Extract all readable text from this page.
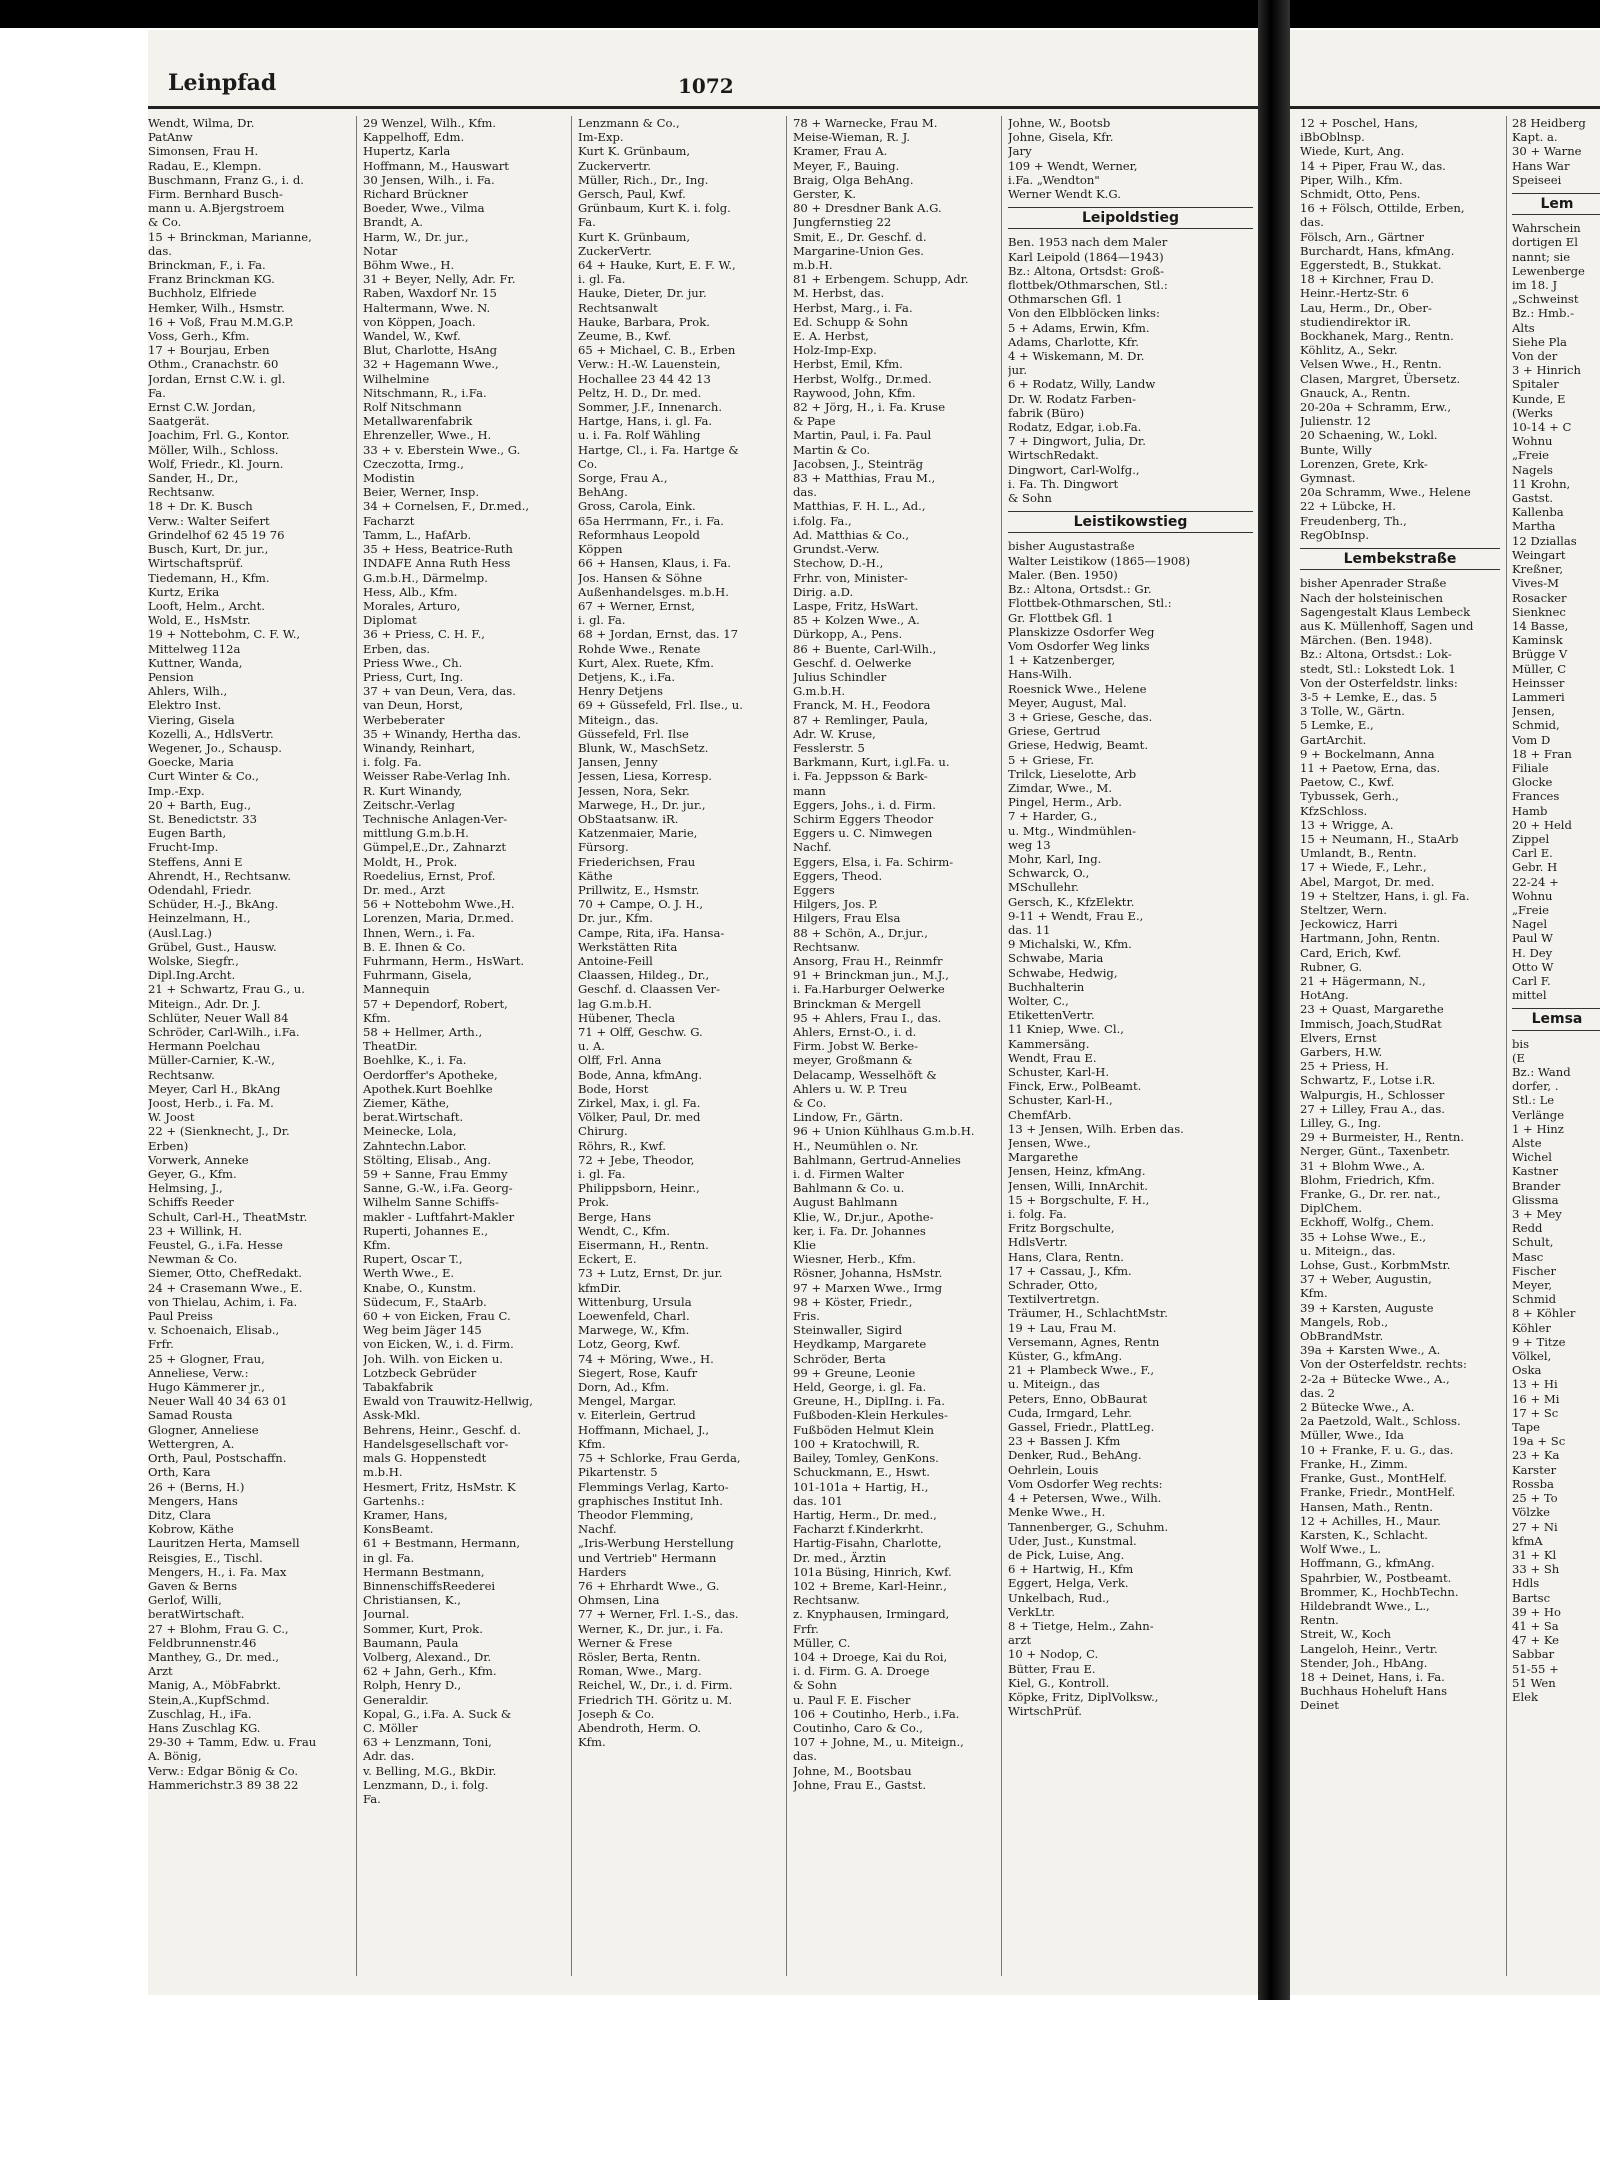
Leinpfad	1072
Wendt, Wilma, Dr.
PatAnw
Simonsen, Frau H.
Radau, E., Klempn.
Buschmann, Franz G., i. d.
Firm. Bernhard Busch-
mann u. A.Bjergstroem
& Co.
15 + Brinckman, Marianne,
das.
Brinckman, F., i. Fa.
Franz Brinckman KG.
Buchholz, Elfriede
Hemker, Wilh., Hsmstr.
16 + Voß, Frau M.M.G.P.
Voss, Gerh., Kfm.
17 + Bourjau, Erben
Othm., Cranachstr. 60
Jordan, Ernst C.W. i. gl.
Fa.
Ernst C.W. Jordan,
Saatgerät.
Joachim, Frl. G., Kontor.
Möller, Wilh., Schloss.
Wolf, Friedr., Kl. Journ.
Sander, H., Dr.,
Rechtsanw.
18 + Dr. K. Busch
Verw.: Walter Seifert
Grindelhof 62 45 19 76
Busch, Kurt, Dr. jur.,
Wirtschaftsprüf.
Tiedemann, H., Kfm.
Kurtz, Erika
Looft, Helm., Archt.
Wold, E., HsMstr.
19 + Nottebohm, C. F. W.,
Mittelweg 112a
Kuttner, Wanda,
Pension
Ahlers, Wilh.,
Elektro Inst.
Viering, Gisela
Kozelli, A., HdlsVertr.
Wegener, Jo., Schausp.
Goecke, Maria
Curt Winter & Co.,
Imp.-Exp.
20 + Barth, Eug.,
St. Benedictstr. 33
Eugen Barth,
Frucht-Imp.
Steffens, Anni E
Ahrendt, H., Rechtsanw.
Odendahl, Friedr.
Schüder, H.-J., BkAng.
Heinzelmann, H.,
(Ausl.Lag.)
Grübel, Gust., Hausw.
Wolske, Siegfr.,
Dipl.Ing.Archt.
21 + Schwartz, Frau G., u.
Miteign., Adr. Dr. J.
Schlüter, Neuer Wall 84
Schröder, Carl-Wilh., i.Fa.
Hermann Poelchau
Müller-Carnier, K.-W.,
Rechtsanw.
Meyer, Carl H., BkAng
Joost, Herb., i. Fa. M.
W. Joost
22 + (Sienknecht, J., Dr.
Erben)
Vorwerk, Anneke
Geyer, G., Kfm.
Helmsing, J.,
Schiffs Reeder
Schult, Carl-H., TheatMstr.
23 + Willink, H.
Feustel, G., i.Fa. Hesse
Newman & Co.
Siemer, Otto, ChefRedakt.
24 + Crasemann Wwe., E.
von Thielau, Achim, i. Fa.
Paul Preiss
v. Schoenaich, Elisab.,
Frfr.
25 + Glogner, Frau,
Anneliese, Verw.:
Hugo Kämmerer jr.,
Neuer Wall 40 34 63 01
Samad Rousta
Glogner, Anneliese
Wettergren, A.
Orth, Paul, Postschaffn.
Orth, Kara
26 + (Berns, H.)
Mengers, Hans
Ditz, Clara
Kobrow, Käthe
Lauritzen Herta, Mamsell
Reisgies, E., Tischl.
Mengers, H., i. Fa. Max
Gaven & Berns
Gerlof, Willi,
beratWirtschaft.
27 + Blohm, Frau G. C.,
Feldbrunnenstr.46
Manthey, G., Dr. med.,
Arzt
Manig, A., MöbFabrkt.
Stein,A.,KupfSchmd.
Zuschlag, H., iFa.
Hans Zuschlag KG.
29-30 + Tamm, Edw. u. Frau
A. Bönig,
Verw.: Edgar Bönig & Co.
Hammerichstr.3 89 38 22
29 Wenzel, Wilh., Kfm.
Kappelhoff, Edm.
Hupertz, Karla
Hoffmann, M., Hauswart
30 Jensen, Wilh., i. Fa.
Richard Brückner
Boeder, Wwe., Vilma
Brandt, A.
Harm, W., Dr. jur.,
Notar
Böhm Wwe., H.
31 + Beyer, Nelly, Adr. Fr.
Raben, Waxdorf Nr. 15
Haltermann, Wwe. N.
von Köppen, Joach.
Wandel, W., Kwf.
Blut, Charlotte, HsAng
32 + Hagemann Wwe.,
Wilhelmine
Nitschmann, R., i.Fa.
Rolf Nitschmann
Metallwarenfabrik
Ehrenzeller, Wwe., H.
33 + v. Eberstein Wwe., G.
Czeczotta, Irmg.,
Modistin
Beier, Werner, Insp.
34 + Cornelsen, F., Dr.med.,
Facharzt
Tamm, L., HafArb.
35 + Hess, Beatrice-Ruth
INDAFE Anna Ruth Hess
G.m.b.H., Därmelmp.
Hess, Alb., Kfm.
Morales, Arturo,
Diplomat
36 + Priess, C. H. F.,
Erben, das.
Priess Wwe., Ch.
Priess, Curt, Ing.
37 + van Deun, Vera, das.
van Deun, Horst,
Werbeberater
35 + Winandy, Hertha das.
Winandy, Reinhart,
i. folg. Fa.
Weisser Rabe-Verlag Inh.
R. Kurt Winandy,
Zeitschr.-Verlag
Technische Anlagen-Ver-
mittlung G.m.b.H.
Gümpel,E.,Dr., Zahnarzt
Moldt, H., Prok.
Roedelius, Ernst, Prof.
Dr. med., Arzt
56 + Nottebohm Wwe.,H.
Lorenzen, Maria, Dr.med.
Ihnen, Wern., i. Fa.
B. E. Ihnen & Co.
Fuhrmann, Herm., HsWart.
Fuhrmann, Gisela,
Mannequin
57 + Dependorf, Robert,
Kfm.
58 + Hellmer, Arth.,
TheatDir.
Boehlke, K., i. Fa.
Oerdorffer's Apotheke,
Apothek.Kurt Boehlke
Ziemer, Käthe,
berat.Wirtschaft.
Meinecke, Lola,
Zahntechn.Labor.
Stölting, Elisab., Ang.
59 + Sanne, Frau Emmy
Sanne, G.-W., i.Fa. Georg-
Wilhelm Sanne Schiffs-
makler - Luftfahrt-Makler
Ruperti, Johannes E.,
Kfm.
Rupert, Oscar T.,
Werth Wwe., E.
Knabe, O., Kunstm.
Südecum, F., StaArb.
60 + von Eicken, Frau C.
Weg beim Jäger 145
von Eicken, W., i. d. Firm.
Joh. Wilh. von Eicken u.
Lotzbeck Gebrüder
Tabakfabrik
Ewald von Trauwitz-Hellwig,
Assk-Mkl.
Behrens, Heinr., Geschf. d.
Handelsgesellschaft vor-
mals G. Hoppenstedt
m.b.H.
Hesmert, Fritz, HsMstr. K
Gartenhs.:
Kramer, Hans,
KonsBeamt.
61 + Bestmann, Hermann,
in gl. Fa.
Hermann Bestmann,
BinnenschiffsReederei
Christiansen, K.,
Journal.
Sommer, Kurt, Prok.
Baumann, Paula
Volberg, Alexand., Dr.
62 + Jahn, Gerh., Kfm.
Rolph, Henry D.,
Generaldir.
Kopal, G., i.Fa. A. Suck &
C. Möller
63 + Lenzmann, Toni,
Adr. das.
v. Belling, M.G., BkDir.
Lenzmann, D., i. folg.
Fa.
Lenzmann & Co.,
Im-Exp.
Kurt K. Grünbaum,
Zuckervertr.
Müller, Rich., Dr., Ing.
Gersch, Paul, Kwf.
Grünbaum, Kurt K. i. folg.
Fa.
Kurt K. Grünbaum,
ZuckerVertr.
64 + Hauke, Kurt, E. F. W.,
i. gl. Fa.
Hauke, Dieter, Dr. jur.
Rechtsanwalt
Hauke, Barbara, Prok.
Zeume, B., Kwf.
65 + Michael, C. B., Erben
Verw.: H.-W. Lauenstein,
Hochallee 23 44 42 13
Peltz, H. D., Dr. med.
Sommer, J.F., Innenarch.
Hartge, Hans, i. gl. Fa.
u. i. Fa. Rolf Wähling
Hartge, Cl., i. Fa. Hartge &
Co.
Sorge, Frau A.,
BehAng.
Gross, Carola, Eink.
65a Herrmann, Fr., i. Fa.
Reformhaus Leopold
Köppen
66 + Hansen, Klaus, i. Fa.
Jos. Hansen & Söhne
Außenhandelsges. m.b.H.
67 + Werner, Ernst,
i. gl. Fa.
68 + Jordan, Ernst, das. 17
Rohde Wwe., Renate
Kurt, Alex. Ruete, Kfm.
Detjens, K., i.Fa.
Henry Detjens
69 + Güssefeld, Frl. Ilse., u.
Miteign., das.
Güssefeld, Frl. Ilse
Blunk, W., MaschSetz.
Jansen, Jenny
Jessen, Liesa, Korresp.
Jessen, Nora, Sekr.
Marwege, H., Dr. jur.,
ObStaatsanw. iR.
Katzenmaier, Marie,
Fürsorg.
Friederichsen, Frau
Käthe
Prillwitz, E., Hsmstr.
70 + Campe, O. J. H.,
Dr. jur., Kfm.
Campe, Rita, iFa. Hansa-
Werkstätten Rita
Antoine-Feill
Claassen, Hildeg., Dr.,
Geschf. d. Claassen Ver-
lag G.m.b.H.
Hübener, Thecla
71 + Olff, Geschw. G.
u. A.
Olff, Frl. Anna
Bode, Anna, kfmAng.
Bode, Horst
Zirkel, Max, i. gl. Fa.
Völker, Paul, Dr. med
Chirurg.
Röhrs, R., Kwf.
72 + Jebe, Theodor,
i. gl. Fa.
Philippsborn, Heinr.,
Prok.
Berge, Hans
Wendt, C., Kfm.
Eisermann, H., Rentn.
Eckert, E.
73 + Lutz, Ernst, Dr. jur.
kfmDir.
Wittenburg, Ursula
Loewenfeld, Charl.
Marwege, W., Kfm.
Lotz, Georg, Kwf.
74 + Möring, Wwe., H.
Siegert, Rose, Kaufr
Dorn, Ad., Kfm.
Mengel, Margar.
v. Eiterlein, Gertrud
Hoffmann, Michael, J.,
Kfm.
75 + Schlorke, Frau Gerda,
Pikartenstr. 5
Flemmings Verlag, Karto-
graphisches Institut Inh.
Theodor Flemming,
Nachf.
„Iris-Werbung Herstellung
und Vertrieb" Hermann
Harders
76 + Ehrhardt Wwe., G.
Ohmsen, Lina
77 + Werner, Frl. I.-S., das.
Werner, K., Dr. jur., i. Fa.
Werner & Frese
Rösler, Berta, Rentn.
Roman, Wwe., Marg.
Reichel, W., Dr., i. d. Firm.
Friedrich TH. Göritz u. M.
Joseph & Co.
Abendroth, Herm. O.
Kfm.
78 + Warnecke, Frau M.
Meise-Wieman, R. J.
Kramer, Frau A.
Meyer, F., Bauing.
Braig, Olga BehAng.
Gerster, K.
80 + Dresdner Bank A.G.
Jungfernstieg 22
Smit, E., Dr. Geschf. d.
Margarine-Union Ges.
m.b.H.
81 + Erbengem. Schupp, Adr.
M. Herbst, das.
Herbst, Marg., i. Fa.
Ed. Schupp & Sohn
E. A. Herbst,
Holz-Imp-Exp.
Herbst, Emil, Kfm.
Herbst, Wolfg., Dr.med.
Raywood, John, Kfm.
82 + Jörg, H., i. Fa. Kruse
& Pape
Martin, Paul, i. Fa. Paul
Martin & Co.
Jacobsen, J., Steinträg
83 + Matthias, Frau M.,
das.
Matthias, F. H. L., Ad.,
i.folg. Fa.,
Ad. Matthias & Co.,
Grundst.-Verw.
Stechow, D.-H.,
Frhr. von, Minister-
Dirig. a.D.
Laspe, Fritz, HsWart.
85 + Kolzen Wwe., A.
Dürkopp, A., Pens.
86 + Buente, Carl-Wilh.,
Geschf. d. Oelwerke
Julius Schindler
G.m.b.H.
Franck, M. H., Feodora
87 + Remlinger, Paula,
Adr. W. Kruse,
Fesslerstr. 5
Barkmann, Kurt, i.gl.Fa. u.
i. Fa. Jeppsson & Bark-
mann
Eggers, Johs., i. d. Firm.
Schirm Eggers Theodor
Eggers u. C. Nimwegen
Nachf.
Eggers, Elsa, i. Fa. Schirm-
Eggers, Theod.
Eggers
Hilgers, Jos. P.
Hilgers, Frau Elsa
88 + Schön, A., Dr.jur.,
Rechtsanw.
Ansorg, Frau H., Reinmfr
91 + Brinckman jun., M.J.,
i. Fa.Harburger Oelwerke
Brinckman & Mergell
95 + Ahlers, Frau I., das.
Ahlers, Ernst-O., i. d.
Firm. Jobst W. Berke-
meyer, Großmann &
Delacamp, Wesselhöft &
Ahlers u. W. P. Treu
& Co.
Lindow, Fr., Gärtn.
96 + Union Kühlhaus G.m.b.H.
H., Neumühlen o. Nr.
Bahlmann, Gertrud-Annelies
i. d. Firmen Walter
Bahlmann & Co. u.
August Bahlmann
Klie, W., Dr.jur., Apothe-
ker, i. Fa. Dr. Johannes
Klie
Wiesner, Herb., Kfm.
Rösner, Johanna, HsMstr.
97 + Marxen Wwe., Irmg
98 + Köster, Friedr.,
Fris.
Steinwaller, Sigird
Heydkamp, Margarete
Schröder, Berta
99 + Greune, Leonie
Held, George, i. gl. Fa.
Greune, H., DiplIng. i. Fa.
Fußboden-Klein Herkules-
Fußböden Helmut Klein
100 + Kratochwill, R.
Bailey, Tomley, GenKons.
Schuckmann, E., Hswt.
101-101a + Hartig, H.,
das. 101
Hartig, Herm., Dr. med.,
Facharzt f.Kinderkrht.
Hartig-Fisahn, Charlotte,
Dr. med., Ärztin
101a Büsing, Hinrich, Kwf.
102 + Breme, Karl-Heinr.,
Rechtsanw.
z. Knyphausen, Irmingard,
Frfr.
Müller, C.
104 + Droege, Kai du Roi,
i. d. Firm. G. A. Droege
& Sohn
u. Paul F. E. Fischer
106 + Coutinho, Herb., i.Fa.
Coutinho, Caro & Co.,
107 + Johne, M., u. Miteign.,
das.
Johne, M., Bootsbau
Johne, Frau E., Gastst.
Johne, W., Bootsb
Johne, Gisela, Kfr.
Jary
109 + Wendt, Werner,
i.Fa. „Wendton"
Werner Wendt K.G.
Leipoldstieg
Ben. 1953 nach dem Maler
Karl Leipold (1864—1943)
Bz.: Altona, Ortsdst: Groß-
flottbek/Othmarschen, Stl.:
Othmarschen Gfl. 1
Von den Elbblöcken links:
5 + Adams, Erwin, Kfm.
Adams, Charlotte, Kfr.
4 + Wiskemann, M. Dr.
jur.
6 + Rodatz, Willy, Landw
Dr. W. Rodatz Farben-
fabrik (Büro)
Rodatz, Edgar, i.ob.Fa.
7 + Dingwort, Julia, Dr.
WirtschRedakt.
Dingwort, Carl-Wolfg.,
i. Fa. Th. Dingwort
& Sohn
Leistikowstieg
bisher Augustastraße
Walter Leistikow (1865—1908)
Maler. (Ben. 1950)
Bz.: Altona, Ortsdst.: Gr.
Flottbek-Othmarschen, Stl.:
Gr. Flottbek Gfl. 1
Planskizze Osdorfer Weg
Vom Osdorfer Weg links
1 + Katzenberger,
Hans-Wilh.
Roesnick Wwe., Helene
Meyer, August, Mal.
3 + Griese, Gesche, das.
Griese, Gertrud
Griese, Hedwig, Beamt.
5 + Griese, Fr.
Trilck, Lieselotte, Arb
Zimdar, Wwe., M.
Pingel, Herm., Arb.
7 + Harder, G.,
u. Mtg., Windmühlen-
weg 13
Mohr, Karl, Ing.
Schwarck, O.,
MSchullehr.
Gersch, K., KfzElektr.
9-11 + Wendt, Frau E.,
das. 11
9 Michalski, W., Kfm.
Schwabe, Maria
Schwabe, Hedwig,
Buchhalterin
Wolter, C.,
EtikettenVertr.
11 Kniep, Wwe. Cl.,
Kammersäng.
Wendt, Frau E.
Schuster, Karl-H.
Finck, Erw., PolBeamt.
Schuster, Karl-H.,
ChemfArb.
13 + Jensen, Wilh. Erben das.
Jensen, Wwe.,
Margarethe
Jensen, Heinz, kfmAng.
Jensen, Willi, InnArchit.
15 + Borgschulte, F. H.,
i. folg. Fa.
Fritz Borgschulte,
HdlsVertr.
Hans, Clara, Rentn.
17 + Cassau, J., Kfm.
Schrader, Otto,
Textilvertretgn.
Träumer, H., SchlachtMstr.
19 + Lau, Frau M.
Versemann, Agnes, Rentn
Küster, G., kfmAng.
21 + Plambeck Wwe., F.,
u. Miteign., das
Peters, Enno, ObBaurat
Cuda, Irmgard, Lehr.
Gassel, Friedr., PlattLeg.
23 + Bassen J. Kfm
Denker, Rud., BehAng.
Oehrlein, Louis
Vom Osdorfer Weg rechts:
4 + Petersen, Wwe., Wilh.
Menke Wwe., H.
Tannenberger, G., Schuhm.
Uder, Just., Kunstmal.
de Pick, Luise, Ang.
6 + Hartwig, H., Kfm
Eggert, Helga, Verk.
Unkelbach, Rud.,
VerkLtr.
8 + Tietge, Helm., Zahn-
arzt
10 + Nodop, C.
Bütter, Frau E.
Kiel, G., Kontroll.
Köpke, Fritz, DiplVolksw.,
WirtschPrüf.
12 + Poschel, Hans,
iBbOblnsp.
Wiede, Kurt, Ang.
14 + Piper, Frau W., das.
Piper, Wilh., Kfm.
Schmidt, Otto, Pens.
16 + Fölsch, Ottilde, Erben,
das.
Fölsch, Arn., Gärtner
Burchardt, Hans, kfmAng.
Eggerstedt, B., Stukkat.
18 + Kirchner, Frau D.
Heinr.-Hertz-Str. 6
Lau, Herm., Dr., Ober-
studiendirektor iR.
Bockhanek, Marg., Rentn.
Köhlitz, A., Sekr.
Velsen Wwe., H., Rentn.
Clasen, Margret, Übersetz.
Gnauck, A., Rentn.
20-20a + Schramm, Erw.,
Julienstr. 12
20 Schaening, W., Lokl.
Bunte, Willy
Lorenzen, Grete, Krk-
Gymnast.
20a Schramm, Wwe., Helene
22 + Lübcke, H.
Freudenberg, Th.,
RegObInsp.
Lembekstraße
bisher Apenrader Straße
Nach der holsteinischen
Sagengestalt Klaus Lembeck
aus K. Müllenhoff, Sagen und
Märchen. (Ben. 1948).
Bz.: Altona, Ortsdst.: Lok-
stedt, Stl.: Lokstedt Lok. 1
Von der Osterfeldstr. links:
3-5 + Lemke, E., das. 5
3 Tolle, W., Gärtn.
5 Lemke, E.,
GartArchit.
9 + Bockelmann, Anna
11 + Paetow, Erna, das.
Paetow, C., Kwf.
Tybussek, Gerh.,
KfzSchloss.
13 + Wrigge, A.
15 + Neumann, H., StaArb
Umlandt, B., Rentn.
17 + Wiede, F., Lehr.,
Abel, Margot, Dr. med.
19 + Steltzer, Hans, i. gl. Fa.
Steltzer, Wern.
Jeckowicz, Harri
Hartmann, John, Rentn.
Card, Erich, Kwf.
Rubner, G.
21 + Hägermann, N.,
HotAng.
23 + Quast, Margarethe
Immisch, Joach,StudRat
Elvers, Ernst
Garbers, H.W.
25 + Priess, H.
Schwartz, F., Lotse i.R.
Walpurgis, H., Schlosser
27 + Lilley, Frau A., das.
Lilley, G., Ing.
29 + Burmeister, H., Rentn.
Nerger, Günt., Taxenbetr.
31 + Blohm Wwe., A.
Blohm, Friedrich, Kfm.
Franke, G., Dr. rer. nat.,
DiplChem.
Eckhoff, Wolfg., Chem.
35 + Lohse Wwe., E.,
u. Miteign., das.
Lohse, Gust., KorbmMstr.
37 + Weber, Augustin,
Kfm.
39 + Karsten, Auguste
Mangels, Rob.,
ObBrandMstr.
39a + Karsten Wwe., A.
Von der Osterfeldstr. rechts:
2-2a + Bütecke Wwe., A.,
das. 2
2 Bütecke Wwe., A.
2a Paetzold, Walt., Schloss.
Müller, Wwe., Ida
10 + Franke, F. u. G., das.
Franke, H., Zimm.
Franke, Gust., MontHelf.
Franke, Friedr., MontHelf.
Hansen, Math., Rentn.
12 + Achilles, H., Maur.
Karsten, K., Schlacht.
Wolf Wwe., L.
Hoffmann, G., kfmAng.
Spahrbier, W., Postbeamt.
Brommer, K., HochbTechn.
Hildebrandt Wwe., L.,
Rentn.
Streit, W., Koch
Langeloh, Heinr., Vertr.
Stender, Joh., HbAng.
18 + Deinet, Hans, i. Fa.
Buchhaus Hoheluft Hans
Deinet
28 Heidberg
Kapt. a.
30 + Warne
Hans War
Speiseei
Lem
Wahrschein
dortigen El
nannt; sie
Lewenberge
im 18. J
„Schweinst
Bz.: Hmb.-
Alts
Siehe Pla
Von der
3 + Hinrich
Spitaler
Kunde, E
(Werks
10-14 + C
Wohnu
„Freie
Nagels
11 Krohn,
Gastst.
Kallenba
Martha
12 Dziallas
Weingart
Kreßner,
Vives-M
Rosacker
Sienknec
14 Basse,
Kaminsk
Brügge V
Müller, C
Heinsser
Lammeri
Jensen,
Schmid,
Vom D
18 + Fran
Filiale
Glocke
Frances
Hamb
20 + Held
Zippel
Carl E.
Gebr. H
22-24 +
Wohnu
„Freie
Nagel
Paul W
H. Dey
Otto W
Carl F.
mittel
Lemsa
bis
(E
Bz.: Wand
dorfer, .
Stl.: Le
Verlänge
1 + Hinz
Alste
Wichel
Kastner
Brander
Glissma
3 + Mey
Redd
Schult,
Masc
Fischer
Meyer,
Schmid
8 + Köhler
Köhler
9 + Titze
Völkel,
Oska
13 + Hi
16 + Mi
17 + Sc
Tape
19a + Sc
23 + Ka
Karster
Rossba
25 + To
Völzke
27 + Ni
kfmA
31 + Kl
33 + Sh
Hdls
Bartsc
39 + Ho
41 + Sa
47 + Ke
Sabbar
51-55 +
51 Wen
Elek
